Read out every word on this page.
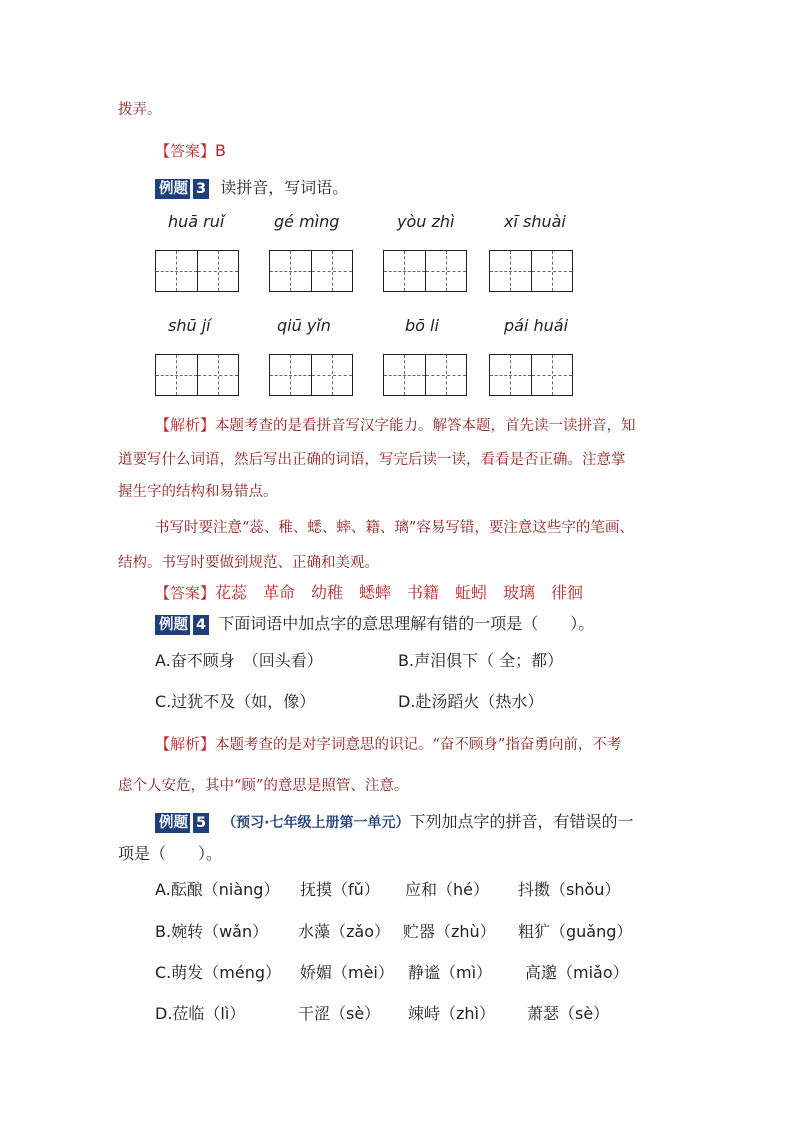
拨弄。
【答案】B
例题 3 读拼音，写词语。
huā ruǐ	gé mìng	yòu zhì	xī shuài
shū jí	qiū yǐn	bō li	pái huái
【解析】本题考查的是看拼音写汉字能力。解答本题，首先读一读拼音，知
道要写什么词语，然后写出正确的词语，写完后读一读，看看是否正确。注意掌
握生字的结构和易错点。
书写时要注意“蕊、稚、蟋、蟀、籍、璃”容易写错，要注意这些字的笔画、
结构。书写时要做到规范、正确和美观。
【答案】花蕊　革命　幼稚　蟋蟀　书籍　蚯蚓　玻璃　徘徊
例题 4 下面词语中加点字的意思理解有错的一项是（　　）。
A.奋不顾身　（回头看）	B.声泪俱下（ 全；都）
C.过犹不及（如，像）	D.赴汤蹈火（热水）
【解析】本题考查的是对字词意思的识记。“奋不顾身”指奋勇向前，不考
虑个人安危，其中“顾”的意思是照管、注意。
例题 5 （预习·七年级上册第一单元）下列加点字的拼音，有错误的一
项是（　　）。
A.酝酿（niàng） 抚摸（fǔ） 应和（hé） 抖擞（shǒu）
B.婉转（wǎn） 水藻（zǎo） 贮器（zhù） 粗犷（guǎng）
C.萌发（méng） 娇媚（mèi） 静谧（mì） 高邈（miǎo）
D.莅临（lì）	干涩（sè） 竦峙（zhì） 萧瑟（sè）
